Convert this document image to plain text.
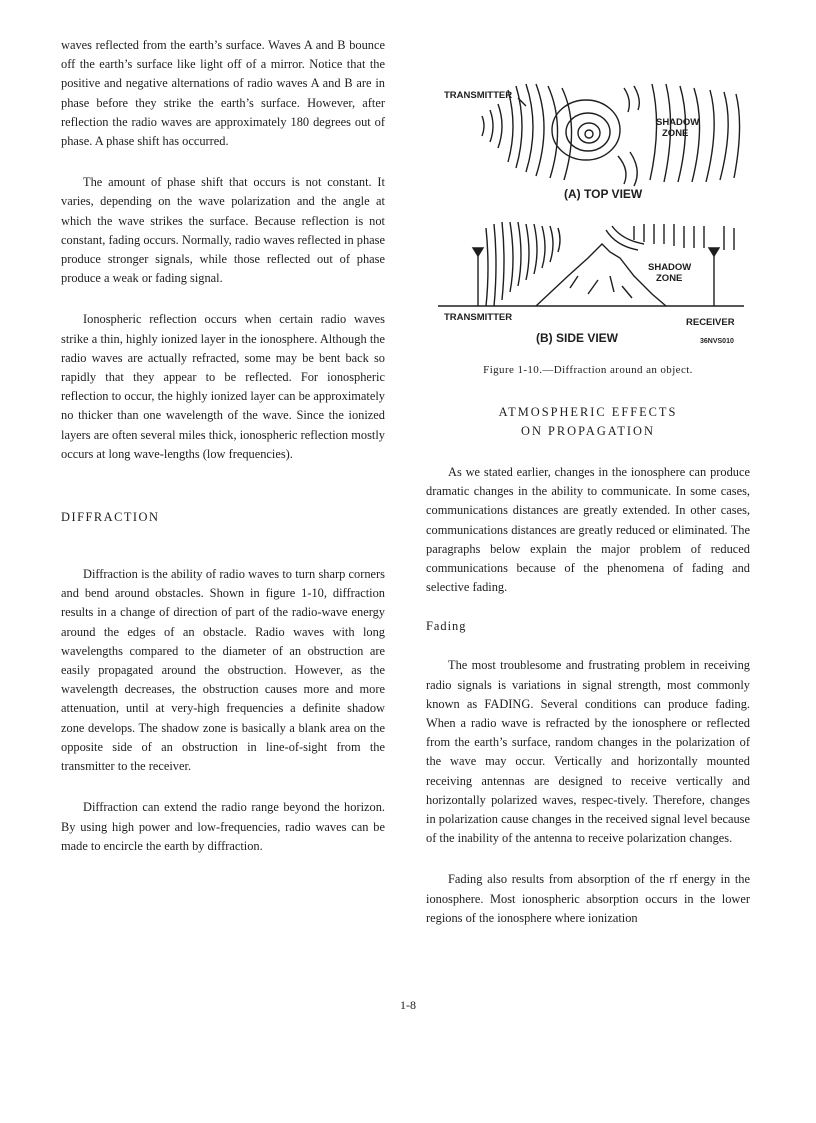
waves reflected from the earth’s surface. Waves A and B bounce off the earth’s surface like light off of a mirror. Notice that the positive and negative alternations of radio waves A and B are in phase before they strike the earth’s surface. However, after reflection the radio waves are approximately 180 degrees out of phase. A phase shift has occurred.

The amount of phase shift that occurs is not constant. It varies, depending on the wave polarization and the angle at which the wave strikes the surface. Because reflection is not constant, fading occurs. Normally, radio waves reflected in phase produce stronger signals, while those reflected out of phase produce a weak or fading signal.

Ionospheric reflection occurs when certain radio waves strike a thin, highly ionized layer in the ionosphere. Although the radio waves are actually refracted, some may be bent back so rapidly that they appear to be reflected. For ionospheric reflection to occur, the highly ionized layer can be approximately no thicker than one wavelength of the wave. Since the ionized layers are often several miles thick, ionospheric reflection mostly occurs at long wave-lengths (low frequencies).

DIFFRACTION

Diffraction is the ability of radio waves to turn sharp corners and bend around obstacles. Shown in figure 1-10, diffraction results in a change of direction of part of the radio-wave energy around the edges of an obstacle. Radio waves with long wavelengths compared to the diameter of an obstruction are easily propagated around the obstruction. However, as the wavelength decreases, the obstruction causes more and more attenuation, until at very-high frequencies a definite shadow zone develops. The shadow zone is basically a blank area on the opposite side of an obstruction in line-of-sight from the transmitter to the receiver.

Diffraction can extend the radio range beyond the horizon. By using high power and low-frequencies, radio waves can be made to encircle the earth by diffraction.

TRANSMITTER
SHADOW
ZONE
(A) TOP VIEW
SHADOW
ZONE
TRANSMITTER	RECEIVER
(B) SIDE VIEW	36NVS010
Figure 1-10.—Diffraction around an object.
ATMOSPHERIC EFFECTS
ON PROPAGATION

As we stated earlier, changes in the ionosphere can produce dramatic changes in the ability to communicate. In some cases, communications distances are greatly extended. In other cases, communications distances are greatly reduced or eliminated. The paragraphs below explain the major problem of reduced communications because of the phenomena of fading and selective fading.

Fading

The most troublesome and frustrating problem in receiving radio signals is variations in signal strength, most commonly known as FADING. Several conditions can produce fading. When a radio wave is refracted by the ionosphere or reflected from the earth’s surface, random changes in the polarization of the wave may occur. Vertically and horizontally mounted receiving antennas are designed to receive vertically and horizontally polarized waves, respec-tively. Therefore, changes in polarization cause changes in the received signal level because of the inability of the antenna to receive polarization changes.

Fading also results from absorption of the rf energy in the ionosphere. Most ionospheric absorption occurs in the lower regions of the ionosphere where ionization

1-8
